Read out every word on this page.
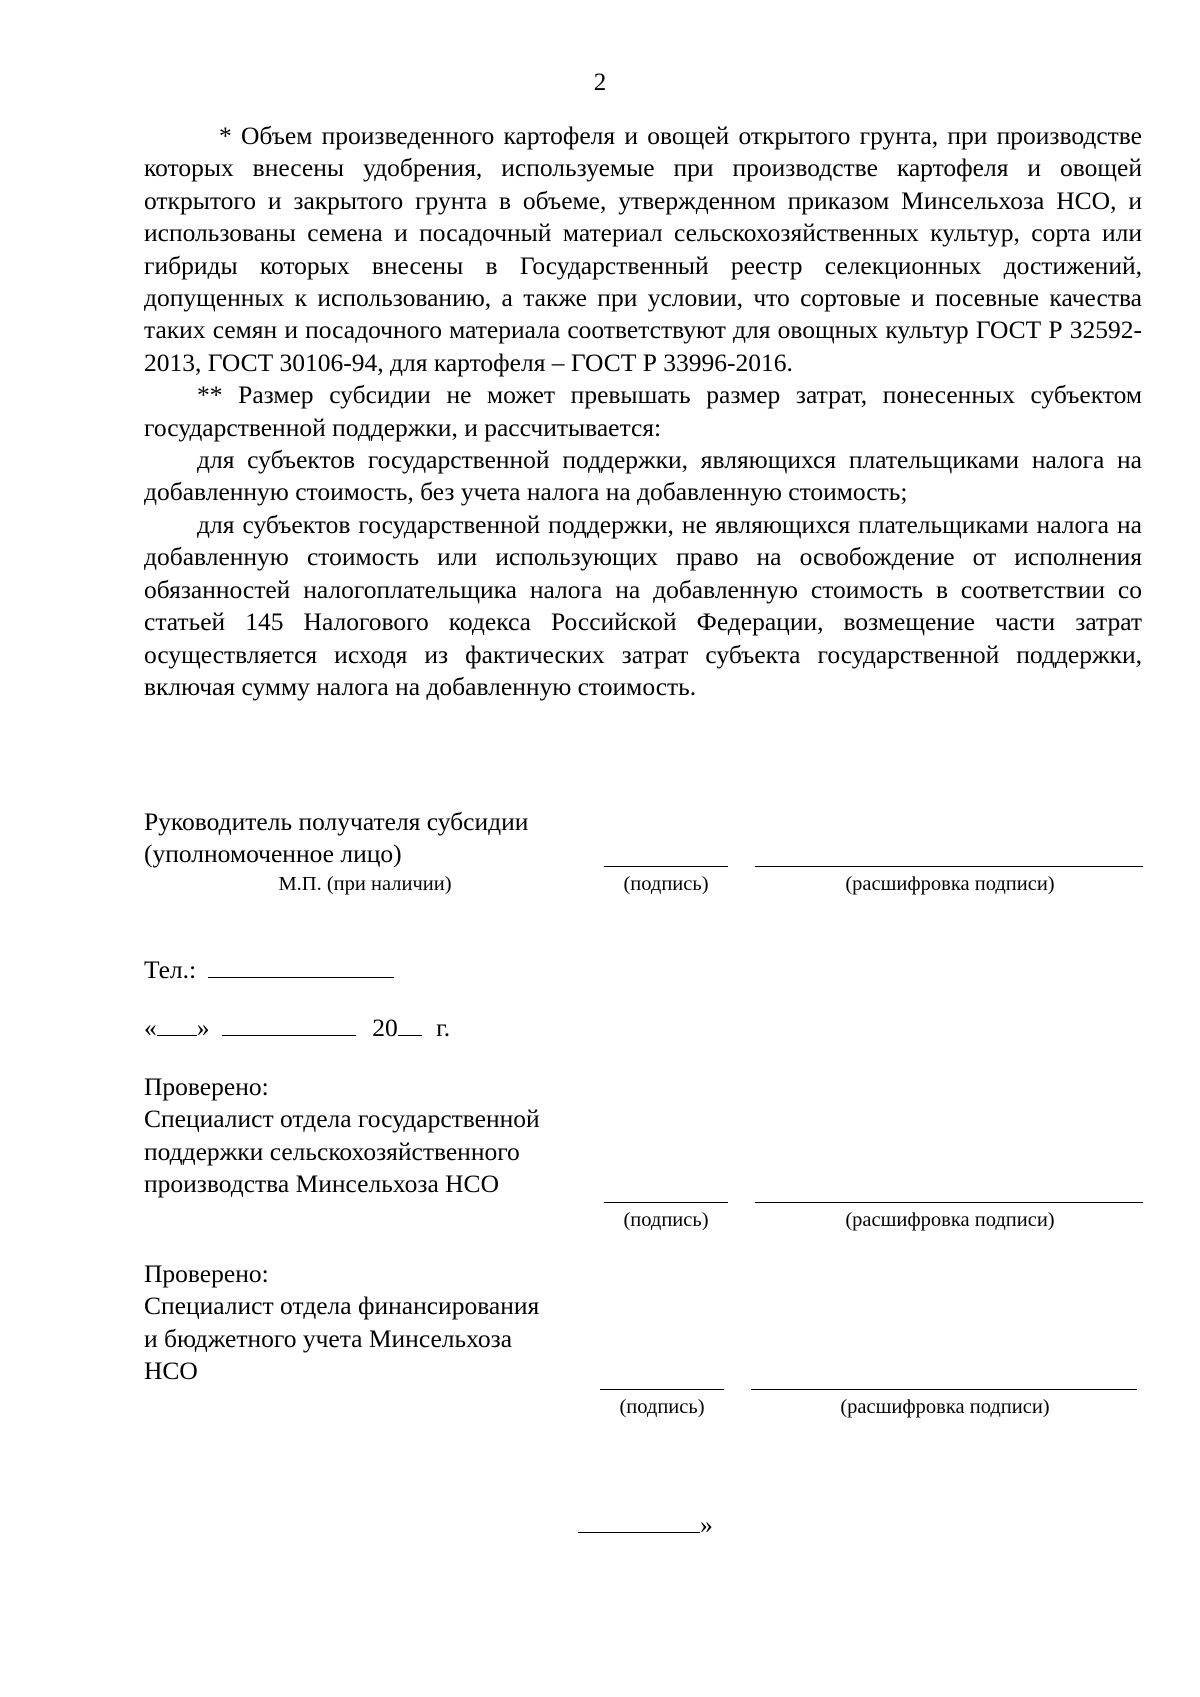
2

* Объем произведенного картофеля и овощей открытого грунта, при производстве которых внесены удобрения, используемые при производстве картофеля и овощей открытого и закрытого грунта в объеме, утвержденном приказом Минсельхоза НСО, и использованы семена и посадочный материал сельскохозяйственных культур, сорта или гибриды которых внесены в Государственный реестр селекционных достижений, допущенных к использованию, а также при условии, что сортовые и посевные качества таких семян и посадочного материала соответствуют для овощных культур ГОСТ Р 32592-2013, ГОСТ 30106-94, для картофеля – ГОСТ Р 33996-2016.

** Размер субсидии не может превышать размер затрат, понесенных субъектом государственной поддержки, и рассчитывается:

для субъектов государственной поддержки, являющихся плательщиками налога на добавленную стоимость, без учета налога на добавленную стоимость;

для субъектов государственной поддержки, не являющихся плательщиками налога на добавленную стоимость или использующих право на освобождение от исполнения обязанностей налогоплательщика налога на добавленную стоимость в соответствии со статьей 145 Налогового кодекса Российской Федерации, возмещение части затрат осуществляется исходя из фактических затрат субъекта государственной поддержки, включая сумму налога на добавленную стоимость.

Руководитель получателя субсидии
(уполномоченное лицо)
М.П. (при наличии)	(подпись)	(расшифровка подписи)
Тел.:
« »	20 г.
Проверено:
Специалист отдела государственной
поддержки сельскохозяйственного
производства Минсельхоза НСО
(подпись)	(расшифровка подписи)
Проверено:
Специалист отдела финансирования
и бюджетного учета Минсельхоза
НСО
(подпись)	(расшифровка подписи)
»
